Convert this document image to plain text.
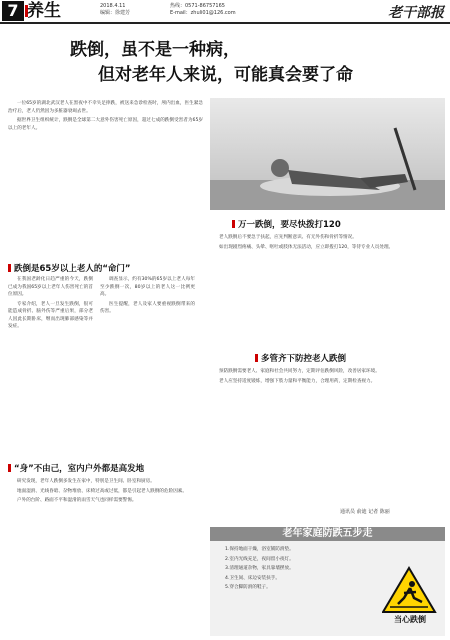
7 养生	2018.4.11
编辑：徐建芳
热线：0571-86757165
E-mail：zhuli01@126.com	老干部报
跌倒，虽不是一种病，
但对老年人来说，可能真会要了命

一位65岁的湖北武汉老人在黑夜中不幸失足摔跌，被送来急诊检查时，颅内出血，医生紧急治疗后，老人仍然因为多脏器衰竭去世。

据世界卫生组织统计，跌倒是全球第二大意外伤害死亡原因，超过七成的跌倒受害者为65岁以上的老年人。

跌倒是65岁以上老人的“命门”

在我国老龄化日趋严重的今天，跌倒已成为我国65岁以上老年人伤害死亡的首位原因。

专家介绍，老人一旦发生跌倒，很可能造成骨折、脑外伤等严重后果，部分老人因此长期卧床，继而出现肺部感染等并发症。

调查显示，约有30%的65岁以上老人每年至少跌倒一次，80岁以上的老人这一比例更高。

医生提醒，老人及家人要重视跌倒带来的伤害。

“身”不由己，室内户外都是高发地

研究发现，老年人跌倒多发生在家中，特别是卫生间、卧室和厨房。

地面湿滑、光线昏暗、杂物堆放、床椅过高或过低，都是引起老人跌倒的危险因素。

户外的台阶、路面不平和湿滑的雨雪天气也同样需要警惕。

万一跌倒，要尽快拨打120

老人跌倒后不要急于扶起，应先判断意识、有无外伤和骨折等情况。

如出现剧烈疼痛、头晕、呕吐或肢体无法活动，应立即拨打120，等待专业人员处理。

多管齐下防控老人跌倒

预防跌倒需要老人、家庭和社会共同努力，定期评估跌倒风险，改善居家环境。

老人应坚持适度锻炼，增强下肢力量和平衡能力，合理用药，定期检查视力。

通讯员 俞迪 记者 陈丽
老年家庭防跌五步走

1.保持地面干燥，浴室铺防滑垫。

2.室内光线充足，夜间留小夜灯。

3.清理通道杂物，家具靠墙摆放。

4.卫生间、床边安装扶手。

5.穿合脚防滑的鞋子。

当心跌倒
